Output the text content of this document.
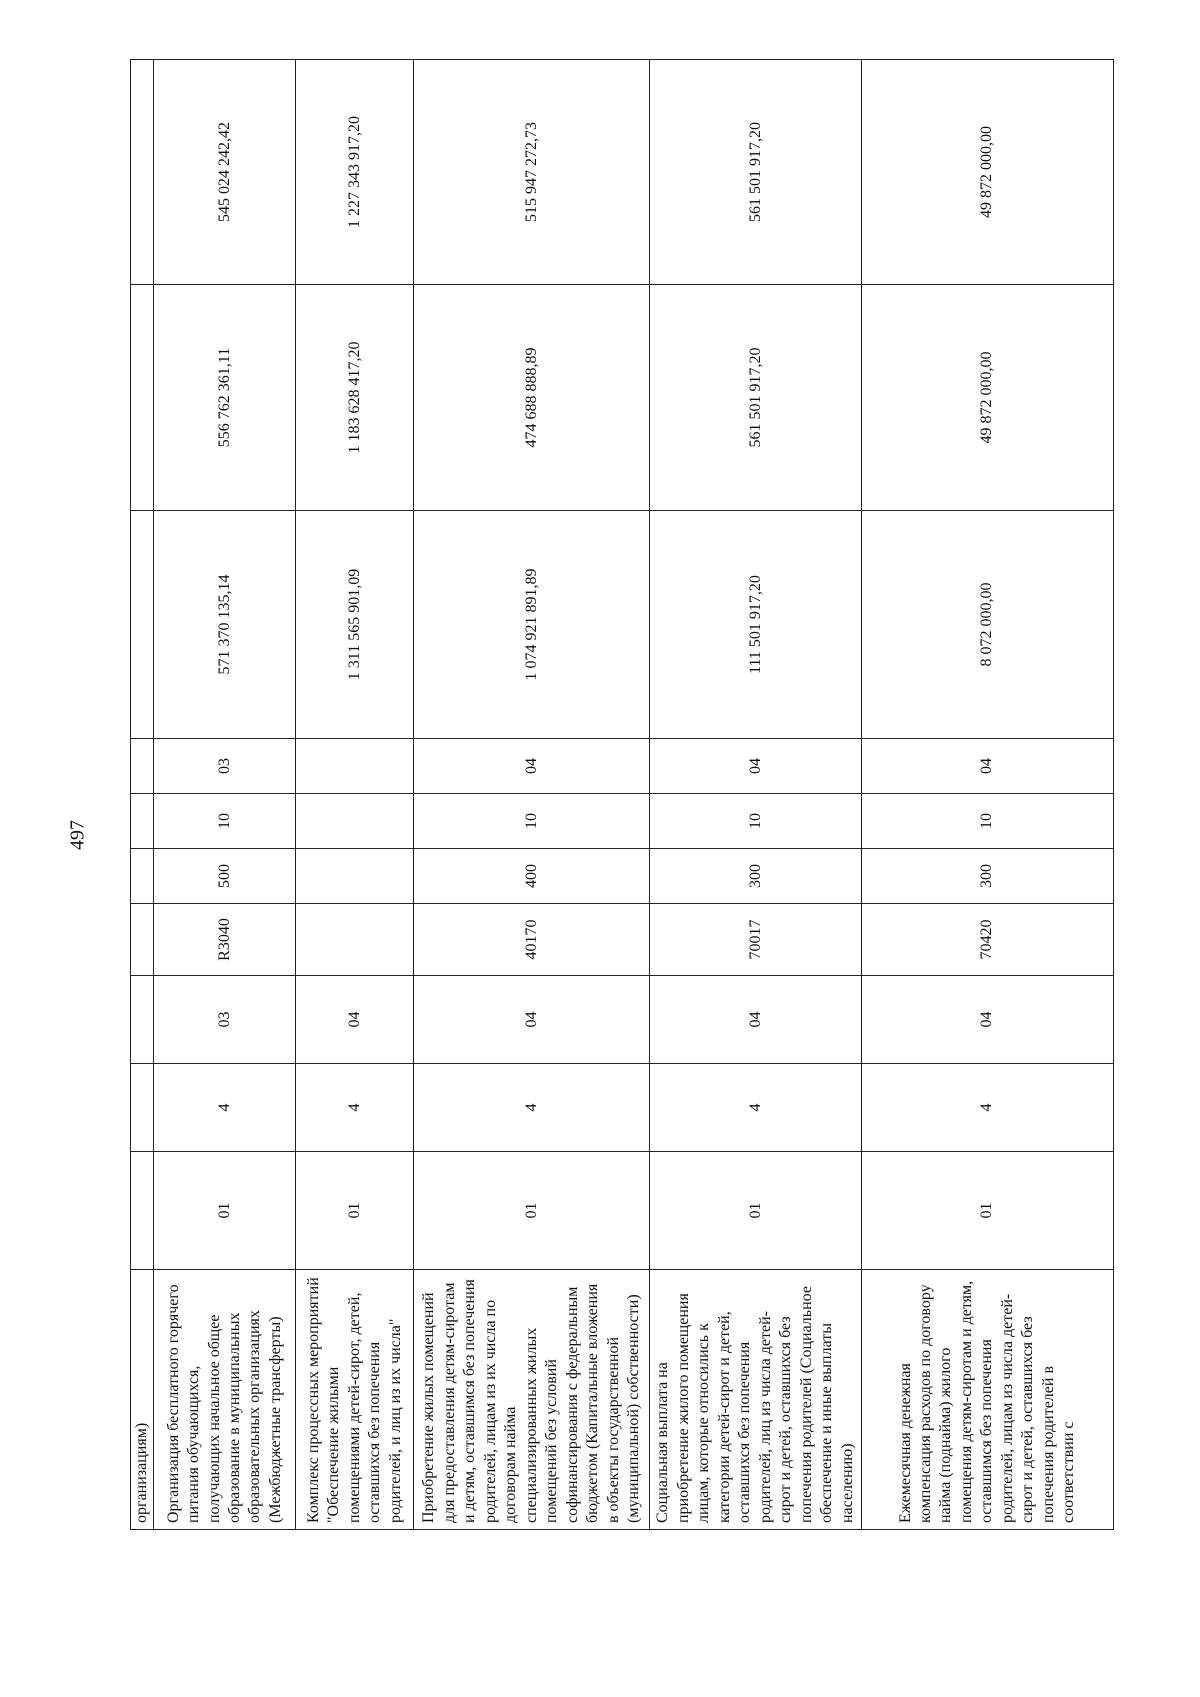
497
организациям)										
Организация бесплатного горячего питания обучающихся, получающих начальное общее образование в муниципальных образовательных организациях (Межбюджетные трансферты)	01	4	03	R3040	500	10	03	571 370 135,14	556 762 361,11	545 024 242,42
Комплекс процессных мероприятий "Обеспечение жилыми помещениями детей-сирот, детей, оставшихся без попечения родителей, и лиц из их числа"	01	4	04					1 311 565 901,09	1 183 628 417,20	1 227 343 917,20
Приобретение жилых помещений для предоставления детям-сиротам и детям, оставшимся без попечения родителей, лицам из их числа по договорам найма специализированных жилых помещений без условий софинансирования с федеральным бюджетом (Капитальные вложения в объекты государственной (муниципальной) собственности)	01	4	04	40170	400	10	04	1 074 921 891,89	474 688 888,89	515 947 272,73
Социальная выплата на приобретение жилого помещения лицам, которые относились к категории детей-сирот и детей, оставшихся без попечения родителей, лиц из числа детей-сирот и детей, оставшихся без попечения родителей (Социальное обеспечение и иные выплаты населению)	01	4	04	70017	300	10	04	111 501 917,20	561 501 917,20	561 501 917,20
Ежемесячная денежная компенсация расходов по договору найма (поднайма) жилого помещения детям-сиротам и детям, оставшимся без попечения родителей, лицам из числа детей-сирот и детей, оставшихся без попечения родителей в соответствии с	01	4	04	70420	300	10	04	8 072 000,00	49 872 000,00	49 872 000,00
